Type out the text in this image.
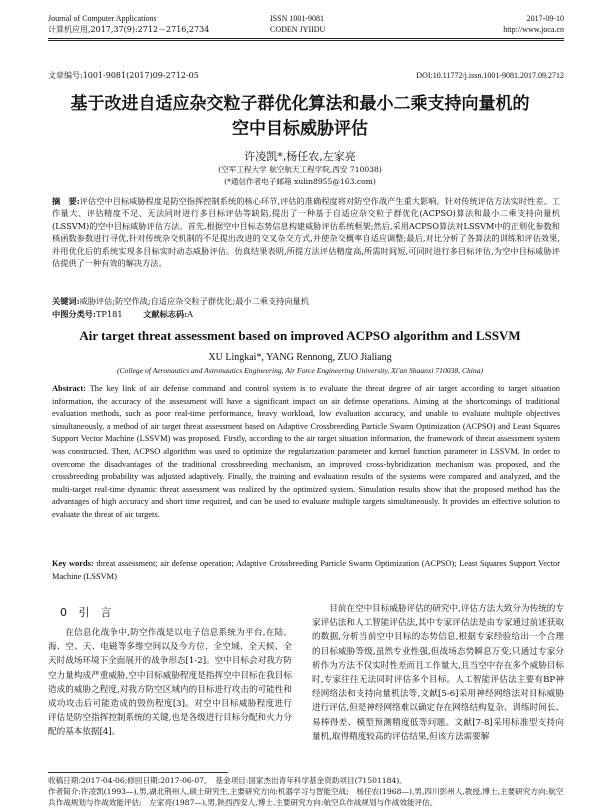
Journal of Computer Applications
计算机应用,2017,37(9):2712－2716,2734
ISSN 1001-9081
CODEN JYIIDU
2017-09-10
http://www.joca.cn
文章编号:1001-9081(2017)09-2712-05	DOI:10.11772/j.issn.1001-9081.2017.09.2712
基于改进自适应杂交粒子群优化算法和最小二乘支持向量机的
空中目标威胁评估
许凌凯*,杨任农,左家亮
(空军工程大学 航空航天工程学院,西安 710038)
(*通信作者电子邮箱 xulin8955@163.com)
摘　要:评估空中目标威胁程度是防空指挥控制系统的核心环节,评估的准确程度将对防空作战产生重大影响。针对传统评估方法实时性差、工作量大、评估精度不足、无法同时进行多目标评估等缺陷,提出了一种基于自适应杂交粒子群优化(ACPSO)算法和最小二乘支持向量机(LSSVM)的空中目标威胁评估方法。首先,根据空中目标态势信息构建威胁评估系统框架;然后,采用ACPSO算法对LSSVM中的正则化参数和核函数参数进行寻优,针对传统杂交机制的不足提出改进的交叉杂交方式,并使杂交概率自适应调整;最后,对比分析了各算法的训练和评估效果,并用优化后的系统实现多目标实时动态威胁评估。仿真结果表明,所提方法评估精度高,所需时间短,可同时进行多目标评估,为空中目标威胁评估提供了一种有效的解决方法。
关键词:威胁评估;防空作战;自适应杂交粒子群优化;最小二乘支持向量机
中图分类号:TP181	文献标志码:A
Air target threat assessment based on improved ACPSO algorithm and LSSVM
XU Lingkai*, YANG Rennong, ZUO Jialiang
(College of Aeronautics and Astronautics Engineering, Air Force Engineering University, Xi'an Shaanxi 710038, China)
Abstract: The key link of air defense command and control system is to evaluate the threat degree of air target according to target situation information, the accuracy of the assessment will have a significant impact on air defense operations. Aiming at the shortcomings of traditional evaluation methods, such as poor real-time performance, heavy workload, low evaluation accuracy, and unable to evaluate multiple objectives simultaneously, a method of air target threat assessment based on Adaptive Crossbreeding Particle Swarm Optimization (ACPSO) and Least Squares Support Vector Machine (LSSVM) was proposed. Firstly, according to the air target situation information, the framework of threat assessment system was constructed. Then, ACPSO algorithm was used to optimize the regularization parameter and kernel function parameter in LSSVM. In order to overcome the disadvantages of the traditional crossbreeding mechanism, an improved cross-hybridization mechanism was proposed, and the crossbreeding probability was adjusted adaptively. Finally, the training and evaluation results of the systems were compared and analyzed, and the multi-target real-time dynamic threat assessment was realized by the optimized system. Simulation results show that the proposed method has the advantages of high accuracy and short time required, and can be used to evaluate multiple targets simultaneously. It provides an effective solution to evaluate the threat of air targets.
Key words: threat assessment; air defense operation; Adaptive Crossbreeding Particle Swarm Optimization (ACPSO); Least Squares Support Vector Machine (LSSVM)
0 引　言
在信息化战争中,防空作战是以电子信息系统为平台,在陆、海、空、天、电磁等多维空间以及今方位、全空域、全天候、全天时战场环境下全面展开的战争形态[1-2]。空中目标会对我方防空力量构成严重威胁,空中目标威胁程度是指挥空中目标在我目标造成的威胁之程度,对我方防空区域内的目标进行攻击的可能性和成功攻击后可能造成的毁伤程度[3]。对空中目标威胁程度进行评估是防空指挥控制系统的关键,也是各级进行目标分配和火力分配的基本依据[4]。
目前在空中目标威胁评估的研究中,评估方法大致分为传统的专家评估法和人工智能评估法,其中专家评估法是由专家通过前述获取的数据,分析当前空中目标的态势信息,根据专家经验给出一个合理的目标威胁等级,虽然专业性强,但战场态势瞬息万变,只通过专家分析作为方法不仅实时性差而且工作量大,且当空中存在多个威胁目标时,专家往往无法同时评估多个目标。人工智能评估法主要有BP神经网络法和支持向量机法等,文献[5-6]采用神经网络法对目标威胁进行评估,但是神经网络难以确定存在网络结构复杂、训练时间长、易棒得差、模型预测精度低等问题。文献[7-8]采用标准型支持向量机,取得精度较高的评估结果,但该方法需要解
收稿日期:2017-04-06;修回日期:2017-06-07。　基金项目:国家杰出青年科学基金资助项目(71501184)。
作者简介:许凌凯(1993—),男,湖北荆州人,硕士研究生,主要研究方向:机器学习与智能空战;　杨任农(1968—),男,四川彭州人,教授,博士,主要研究方向:航空兵作战规划与作战效能评估;　左家亮(1987—),男,陕西西安人,博士,主要研究方向:航空兵作战规划与作战效能评估。
